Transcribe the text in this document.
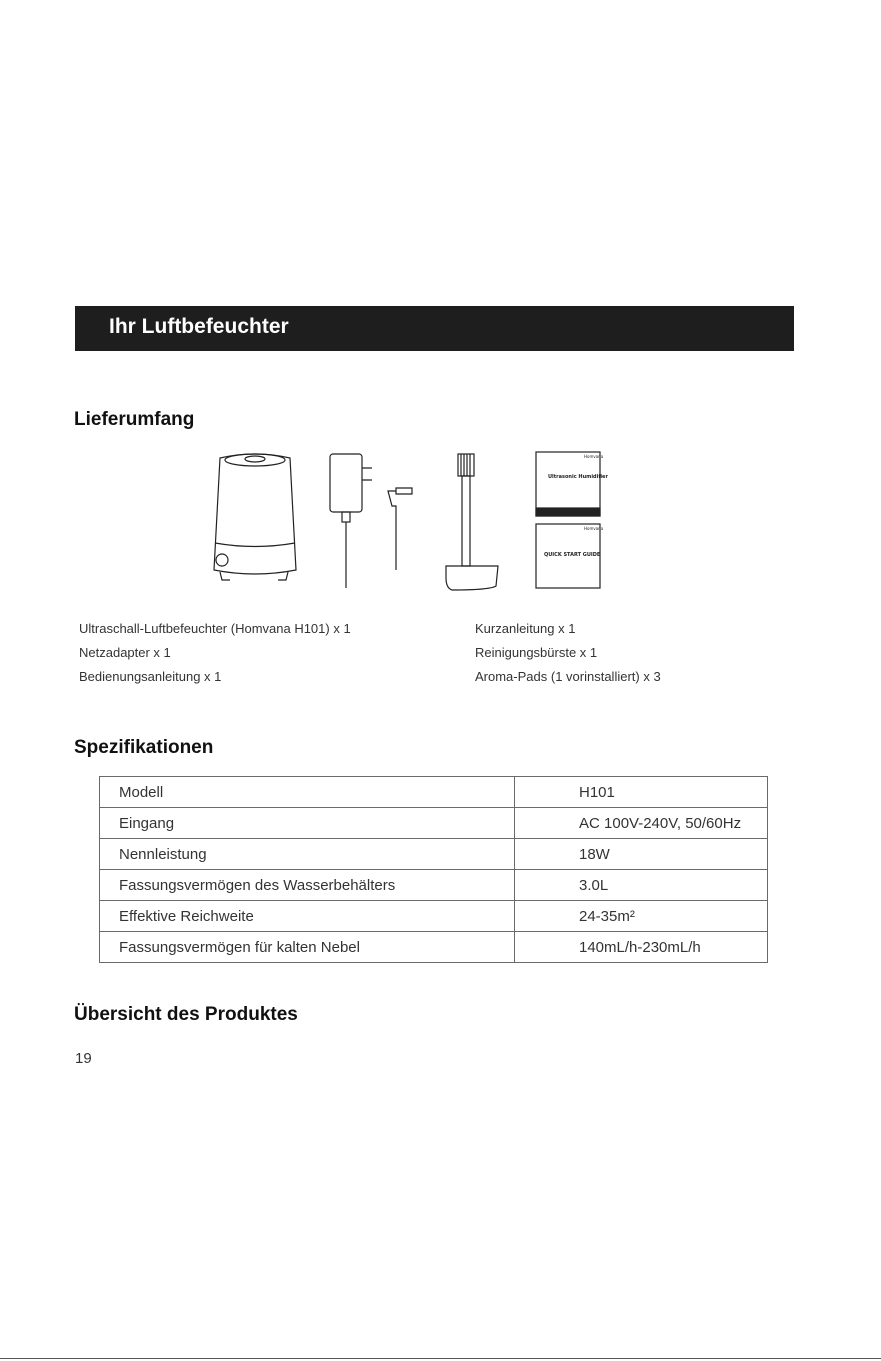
Ihr Luftbefeuchter
Lieferumfang
Homvana
Ultrasonic Humidifier
Homvana
QUICK START GUIDE
Ultraschall-Luftbefeuchter (Homvana H101) x 1
Netzadapter x 1
Bedienungsanleitung x 1
Kurzanleitung x 1
Reinigungsbürste x 1
Aroma-Pads (1 vorinstalliert) x 3
Spezifikationen
Modell	H101
Eingang	AC 100V-240V, 50/60Hz
Nennleistung	18W
Fassungsvermögen des Wasserbehälters	3.0L
Effektive Reichweite	24-35m²
Fassungsvermögen für kalten Nebel	140mL/h-230mL/h
Übersicht des Produktes
19
